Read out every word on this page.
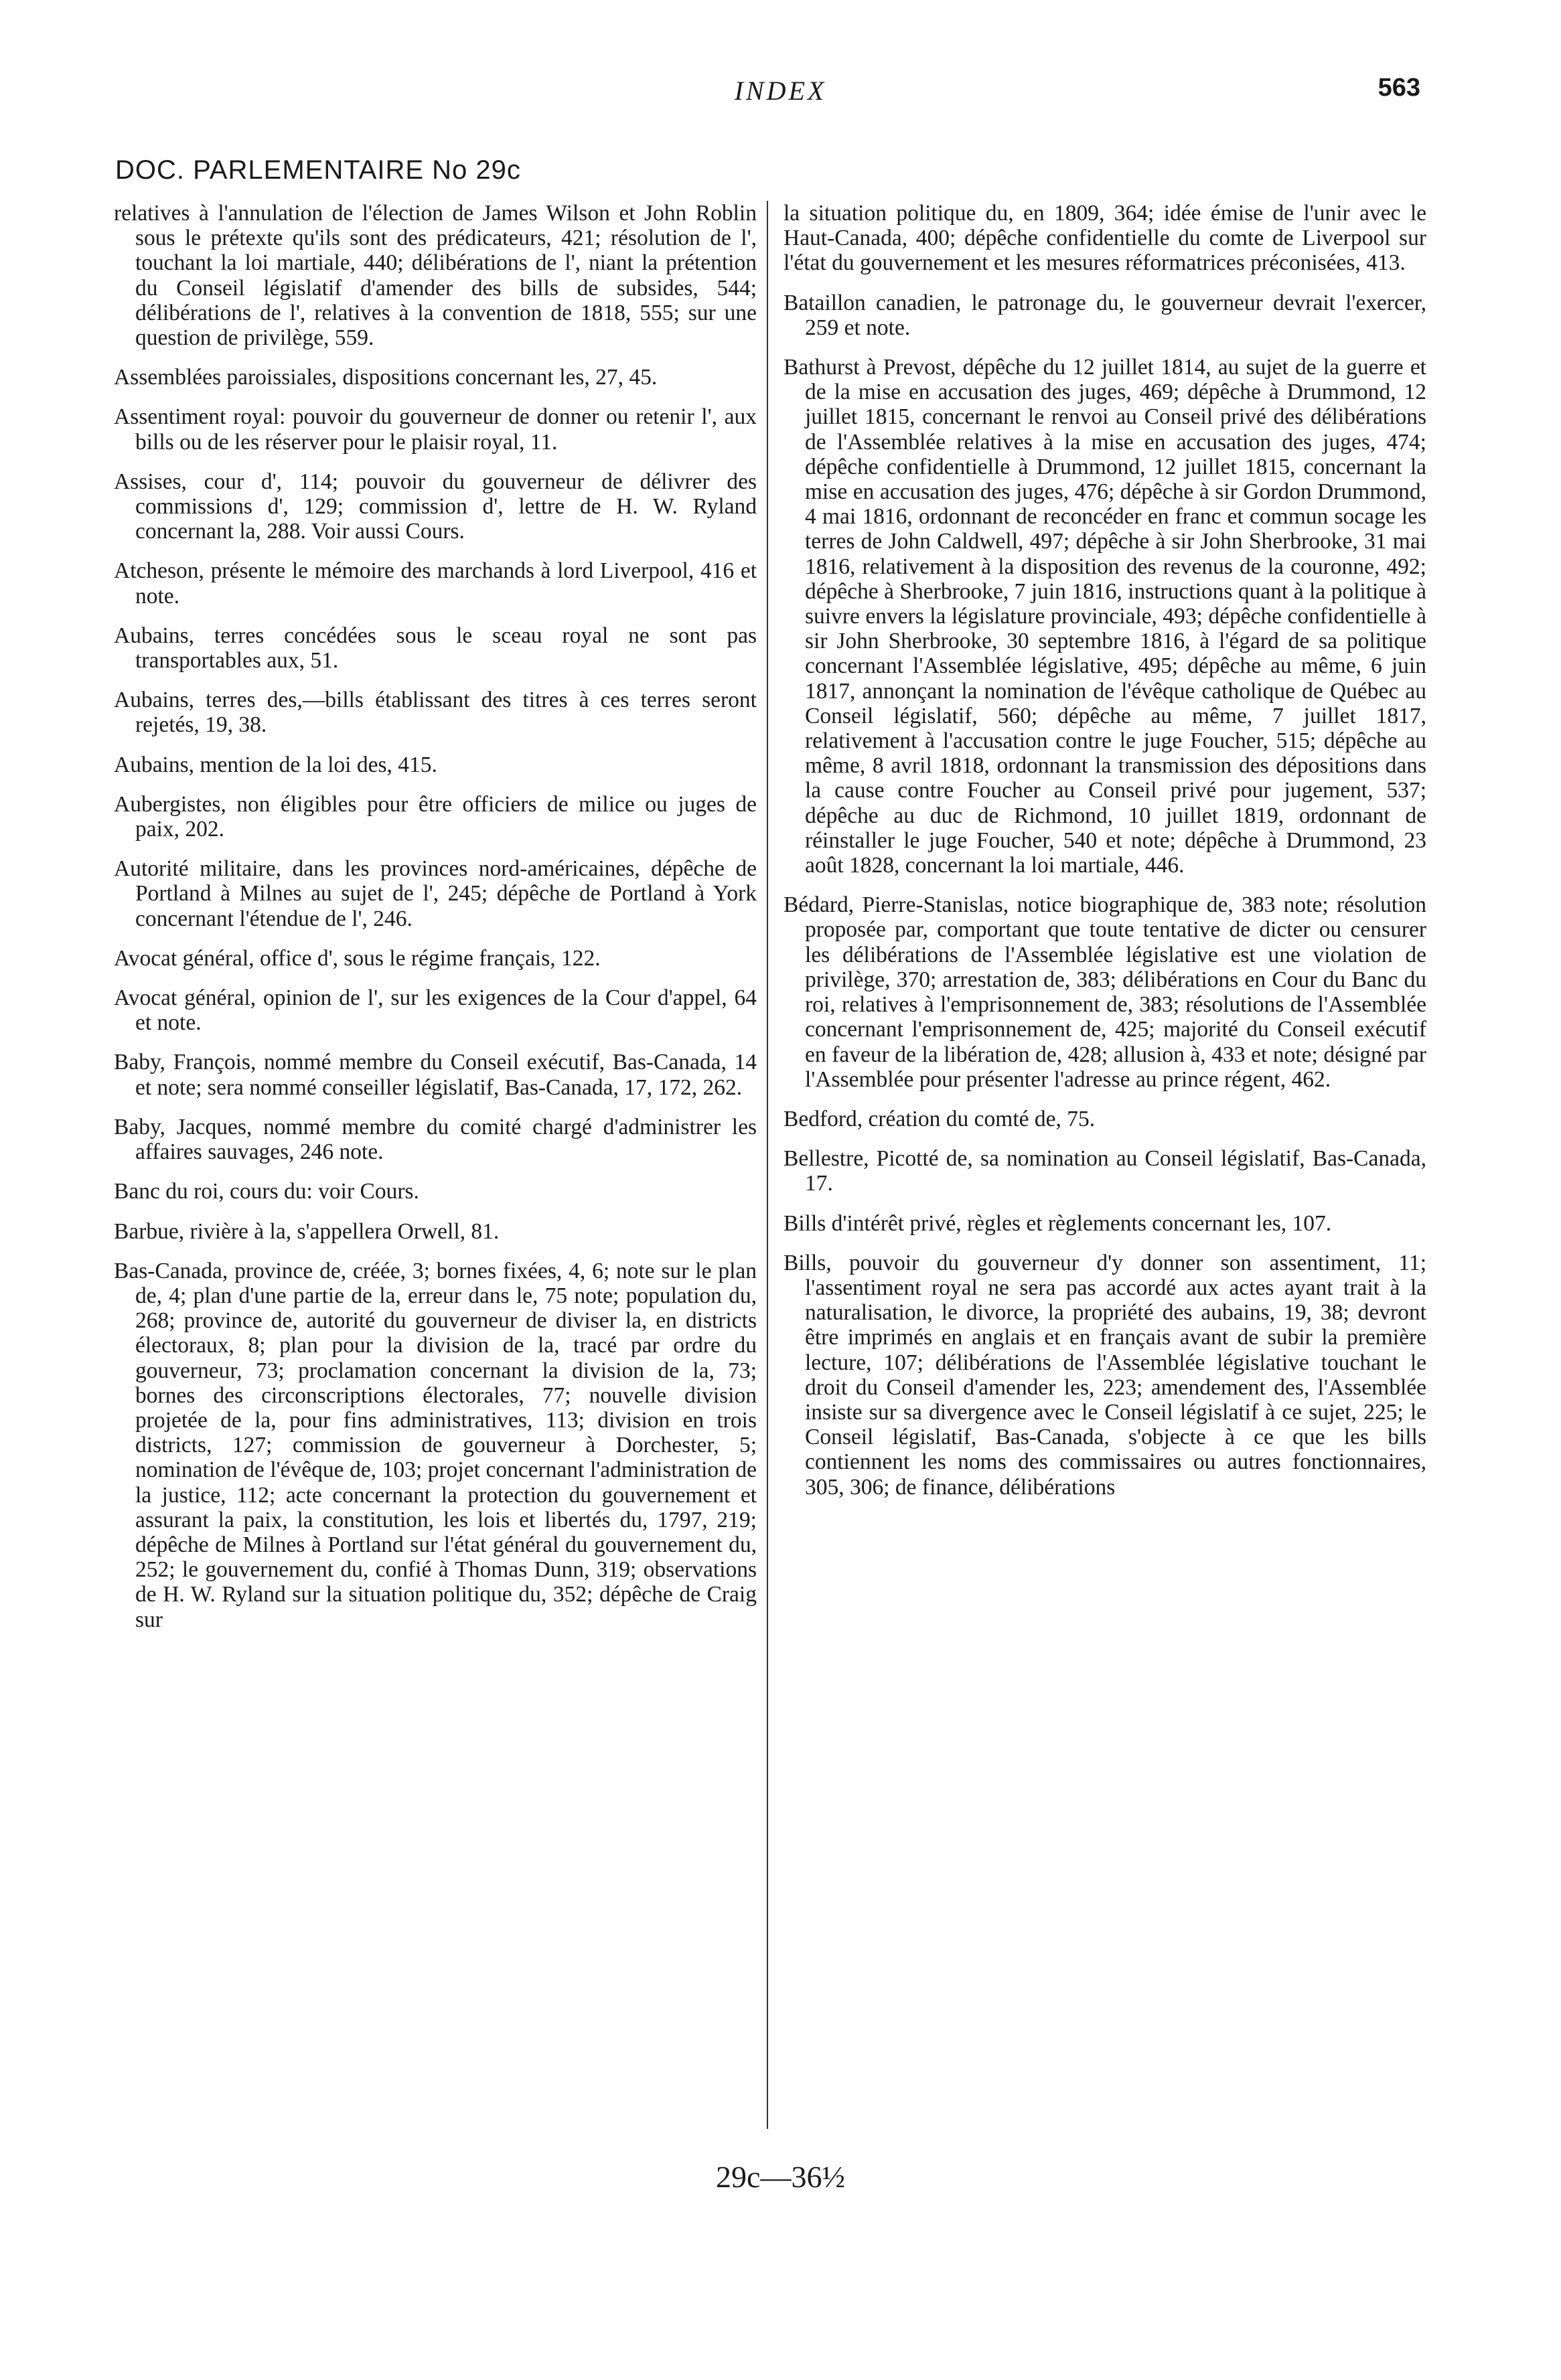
INDEX	563
DOC. PARLEMENTAIRE No 29c

relatives à l'annulation de l'élection de James Wilson et John Roblin sous le prétexte qu'ils sont des prédicateurs, 421; résolution de l', touchant la loi martiale, 440; délibérations de l', niant la prétention du Conseil législatif d'amender des bills de subsides, 544; délibérations de l', relatives à la convention de 1818, 555; sur une question de privilège, 559.

Assemblées paroissiales, dispositions concernant les, 27, 45.

Assentiment royal: pouvoir du gouverneur de donner ou retenir l', aux bills ou de les réserver pour le plaisir royal, 11.

Assises, cour d', 114; pouvoir du gouverneur de délivrer des commissions d', 129; commission d', lettre de H. W. Ryland concernant la, 288. Voir aussi Cours.

Atcheson, présente le mémoire des marchands à lord Liverpool, 416 et note.

Aubains, terres concédées sous le sceau royal ne sont pas transportables aux, 51.

Aubains, terres des,—bills établissant des titres à ces terres seront rejetés, 19, 38.

Aubains, mention de la loi des, 415.

Aubergistes, non éligibles pour être officiers de milice ou juges de paix, 202.

Autorité militaire, dans les provinces nord-américaines, dépêche de Portland à Milnes au sujet de l', 245; dépêche de Portland à York concernant l'étendue de l', 246.

Avocat général, office d', sous le régime français, 122.

Avocat général, opinion de l', sur les exigences de la Cour d'appel, 64 et note.

Baby, François, nommé membre du Conseil exécutif, Bas-Canada, 14 et note; sera nommé conseiller législatif, Bas-Canada, 17, 172, 262.

Baby, Jacques, nommé membre du comité chargé d'administrer les affaires sauvages, 246 note.

Banc du roi, cours du: voir Cours.

Barbue, rivière à la, s'appellera Orwell, 81.

Bas-Canada, province de, créée, 3; bornes fixées, 4, 6; note sur le plan de, 4; plan d'une partie de la, erreur dans le, 75 note; population du, 268; province de, autorité du gouverneur de diviser la, en districts électoraux, 8; plan pour la division de la, tracé par ordre du gouverneur, 73; proclamation concernant la division de la, 73; bornes des circonscriptions électorales, 77; nouvelle division projetée de la, pour fins administratives, 113; division en trois districts, 127; commission de gouverneur à Dorchester, 5; nomination de l'évêque de, 103; projet concernant l'administration de la justice, 112; acte concernant la protection du gouvernement et assurant la paix, la constitution, les lois et libertés du, 1797, 219; dépêche de Milnes à Portland sur l'état général du gouvernement du, 252; le gouvernement du, confié à Thomas Dunn, 319; observations de H. W. Ryland sur la situation politique du, 352; dépêche de Craig sur

la situation politique du, en 1809, 364; idée émise de l'unir avec le Haut-Canada, 400; dépêche confidentielle du comte de Liverpool sur l'état du gouvernement et les mesures réformatrices préconisées, 413.

Bataillon canadien, le patronage du, le gouverneur devrait l'exercer, 259 et note.

Bathurst à Prevost, dépêche du 12 juillet 1814, au sujet de la guerre et de la mise en accusation des juges, 469; dépêche à Drummond, 12 juillet 1815, concernant le renvoi au Conseil privé des délibérations de l'Assemblée relatives à la mise en accusation des juges, 474; dépêche confidentielle à Drummond, 12 juillet 1815, concernant la mise en accusation des juges, 476; dépêche à sir Gordon Drummond, 4 mai 1816, ordonnant de reconcéder en franc et commun socage les terres de John Caldwell, 497; dépêche à sir John Sherbrooke, 31 mai 1816, relativement à la disposition des revenus de la couronne, 492; dépêche à Sherbrooke, 7 juin 1816, instructions quant à la politique à suivre envers la législature provinciale, 493; dépêche confidentielle à sir John Sherbrooke, 30 septembre 1816, à l'égard de sa politique concernant l'Assemblée législative, 495; dépêche au même, 6 juin 1817, annonçant la nomination de l'évêque catholique de Québec au Conseil législatif, 560; dépêche au même, 7 juillet 1817, relativement à l'accusation contre le juge Foucher, 515; dépêche au même, 8 avril 1818, ordonnant la transmission des dépositions dans la cause contre Foucher au Conseil privé pour jugement, 537; dépêche au duc de Richmond, 10 juillet 1819, ordonnant de réinstaller le juge Foucher, 540 et note; dépêche à Drummond, 23 août 1828, concernant la loi martiale, 446.

Bédard, Pierre-Stanislas, notice biographique de, 383 note; résolution proposée par, comportant que toute tentative de dicter ou censurer les délibérations de l'Assemblée législative est une violation de privilège, 370; arrestation de, 383; délibérations en Cour du Banc du roi, relatives à l'emprisonnement de, 383; résolutions de l'Assemblée concernant l'emprisonnement de, 425; majorité du Conseil exécutif en faveur de la libération de, 428; allusion à, 433 et note; désigné par l'Assemblée pour présenter l'adresse au prince régent, 462.

Bedford, création du comté de, 75.

Bellestre, Picotté de, sa nomination au Conseil législatif, Bas-Canada, 17.

Bills d'intérêt privé, règles et règlements concernant les, 107.

Bills, pouvoir du gouverneur d'y donner son assentiment, 11; l'assentiment royal ne sera pas accordé aux actes ayant trait à la naturalisation, le divorce, la propriété des aubains, 19, 38; devront être imprimés en anglais et en français avant de subir la première lecture, 107; délibérations de l'Assemblée législative touchant le droit du Conseil d'amender les, 223; amendement des, l'Assemblée insiste sur sa divergence avec le Conseil législatif à ce sujet, 225; le Conseil législatif, Bas-Canada, s'objecte à ce que les bills contiennent les noms des commissaires ou autres fonctionnaires, 305, 306; de finance, délibérations

29c—36½
